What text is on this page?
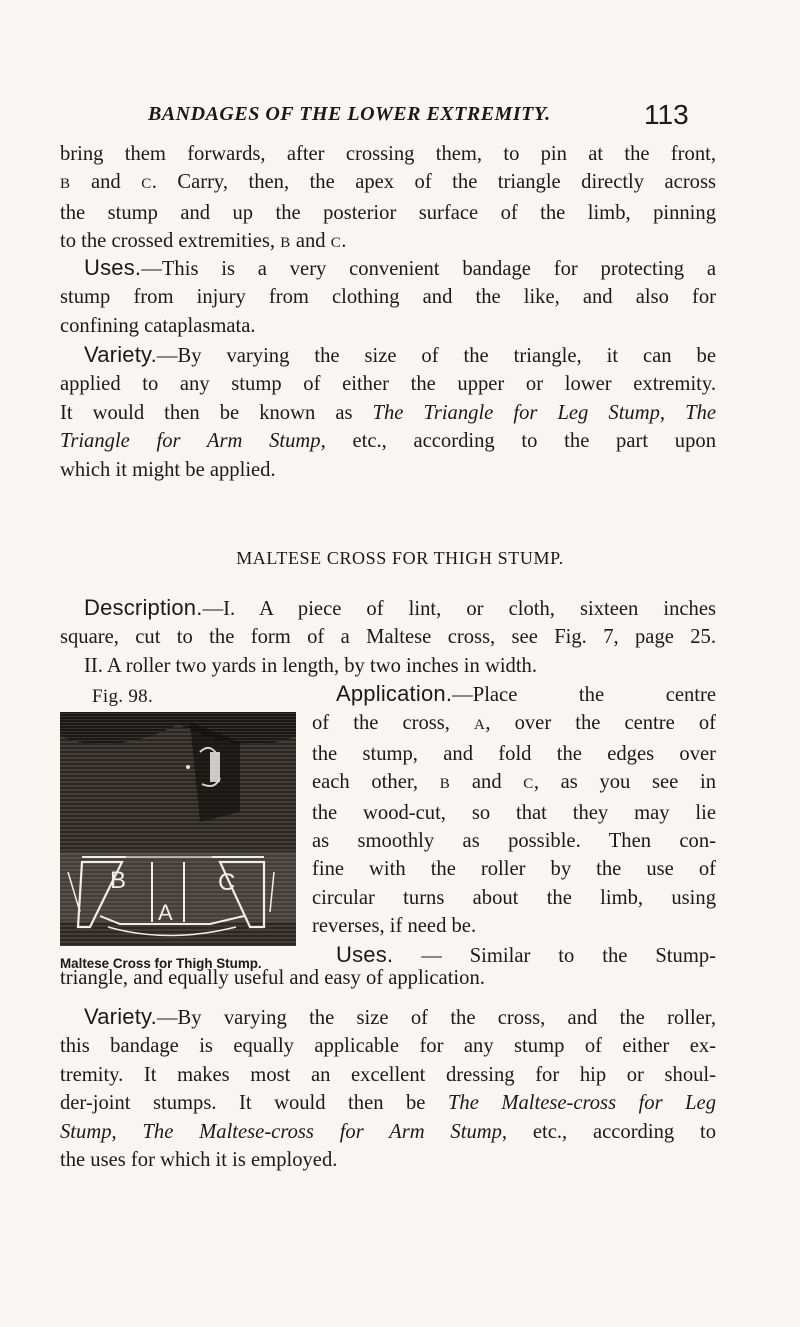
BANDAGES OF THE LOWER EXTREMITY.	113
bring them forwards, after crossing them, to pin at the front,
B and C. Carry, then, the apex of the triangle directly across
the stump and up the posterior surface of the limb, pinning
to the crossed extremities, B and C.
Uses.—This is a very convenient bandage for protecting a
stump from injury from clothing and the like, and also for
confining cataplasmata.
Variety.—By varying the size of the triangle, it can be
applied to any stump of either the upper or lower extremity.
It would then be known as The Triangle for Leg Stump, The
Triangle for Arm Stump, etc., according to the part upon
which it might be applied.
MALTESE CROSS FOR THIGH STUMP.
Description.—I. A piece of lint, or cloth, sixteen inches
square, cut to the form of a Maltese cross, see Fig. 7, page 25.
II. A roller two yards in length, by two inches in width.
Fig. 98.
B	C
A
Maltese Cross for Thigh Stump.
Application.—Place the centre
of the cross, A, over the centre of
the stump, and fold the edges over
each other, B and C, as you see in
the wood-cut, so that they may lie
as smoothly as possible. Then con-
fine with the roller by the use of
circular turns about the limb, using
reverses, if need be.
Uses. — Similar to the Stump-
triangle, and equally useful and easy of application.
Variety.—By varying the size of the cross, and the roller,
this bandage is equally applicable for any stump of either ex-
tremity. It makes most an excellent dressing for hip or shoul-
der-joint stumps. It would then be The Maltese-cross for Leg
Stump, The Maltese-cross for Arm Stump, etc., according to
the uses for which it is employed.
